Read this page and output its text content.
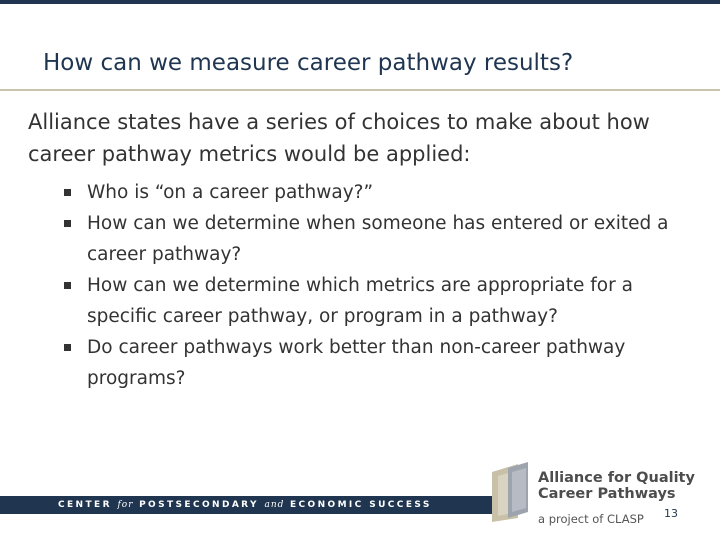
How can we measure career pathway results?
Alliance states have a series of choices to make about how career pathway metrics would be applied:
Who is “on a career pathway?”
How can we determine when someone has entered or exited a career pathway?
How can we determine which metrics are appropriate for a specific career pathway, or program in a pathway?
Do career pathways work better than non-career pathway programs?
CENTER for POSTSECONDARY and ECONOMIC SUCCESS
Alliance for Quality
Career Pathways
a project of CLASP 13
